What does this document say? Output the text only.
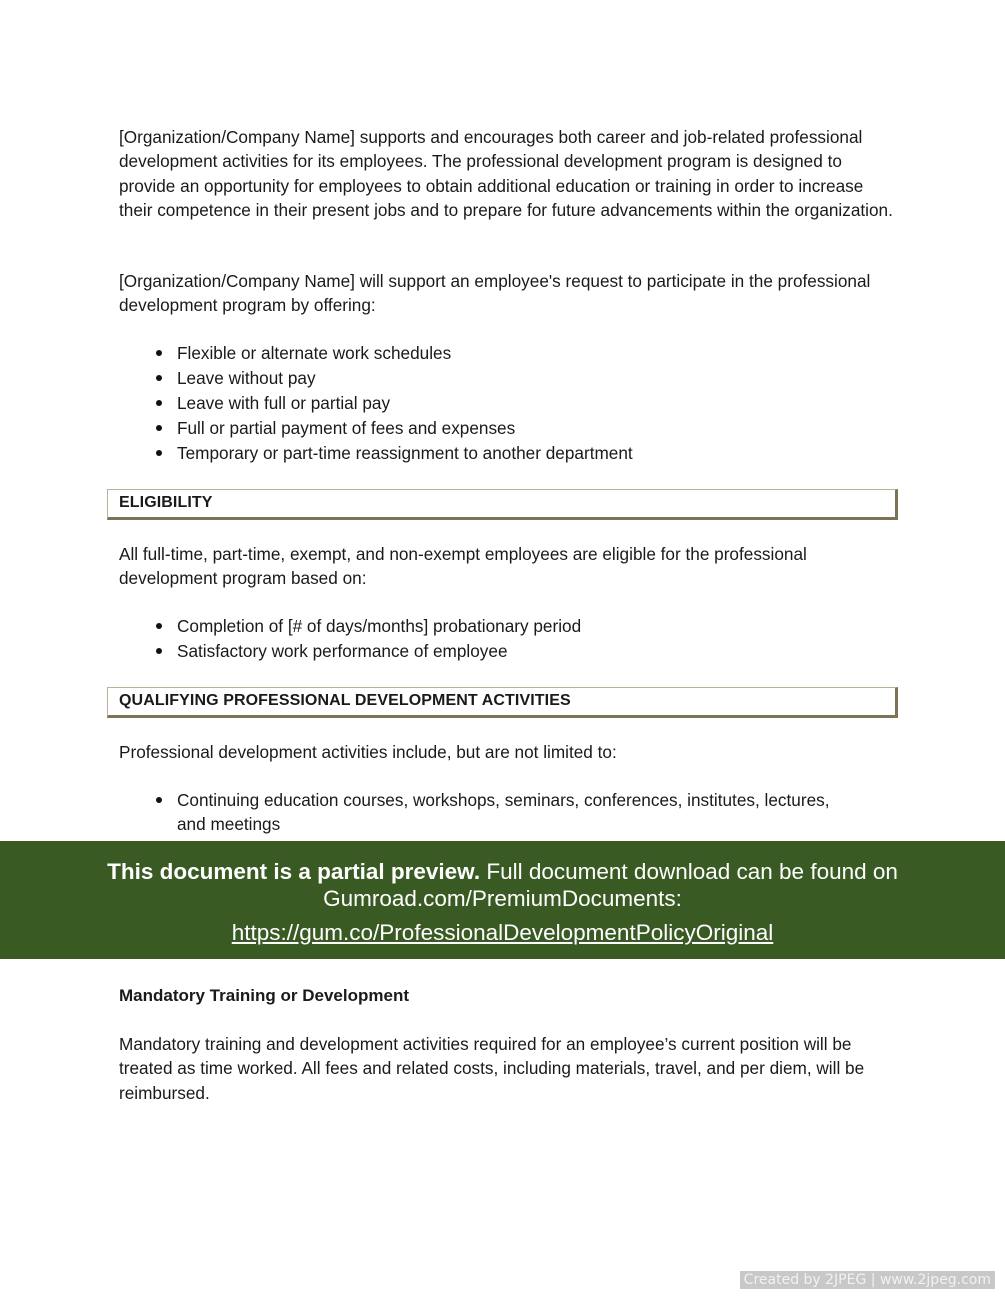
[Organization/Company Name] supports and encourages both career and job-related professional development activities for its employees. The professional development program is designed to provide an opportunity for employees to obtain additional education or training in order to increase their competence in their present jobs and to prepare for future advancements within the organization.

[Organization/Company Name] will support an employee's request to participate in the professional development program by offering:

Flexible or alternate work schedules
Leave without pay
Leave with full or partial pay
Full or partial payment of fees and expenses
Temporary or part-time reassignment to another department
ELIGIBILITY

All full-time, part-time, exempt, and non-exempt employees are eligible for the professional development program based on:

Completion of [# of days/months] probationary period
Satisfactory work performance of employee
QUALIFYING PROFESSIONAL DEVELOPMENT ACTIVITIES

Professional development activities include, but are not limited to:

Continuing education courses, workshops, seminars, conferences, institutes, lectures, and meetings
This document is a partial preview. Full document download can be found on Gumroad.com/PremiumDocuments:
https://gum.co/ProfessionalDevelopmentPolicyOriginal

Mandatory Training or Development

Mandatory training and development activities required for an employee’s current position will be treated as time worked. All fees and related costs, including materials, travel, and per diem, will be reimbursed.

Created by 2JPEG | www.2jpeg.com
